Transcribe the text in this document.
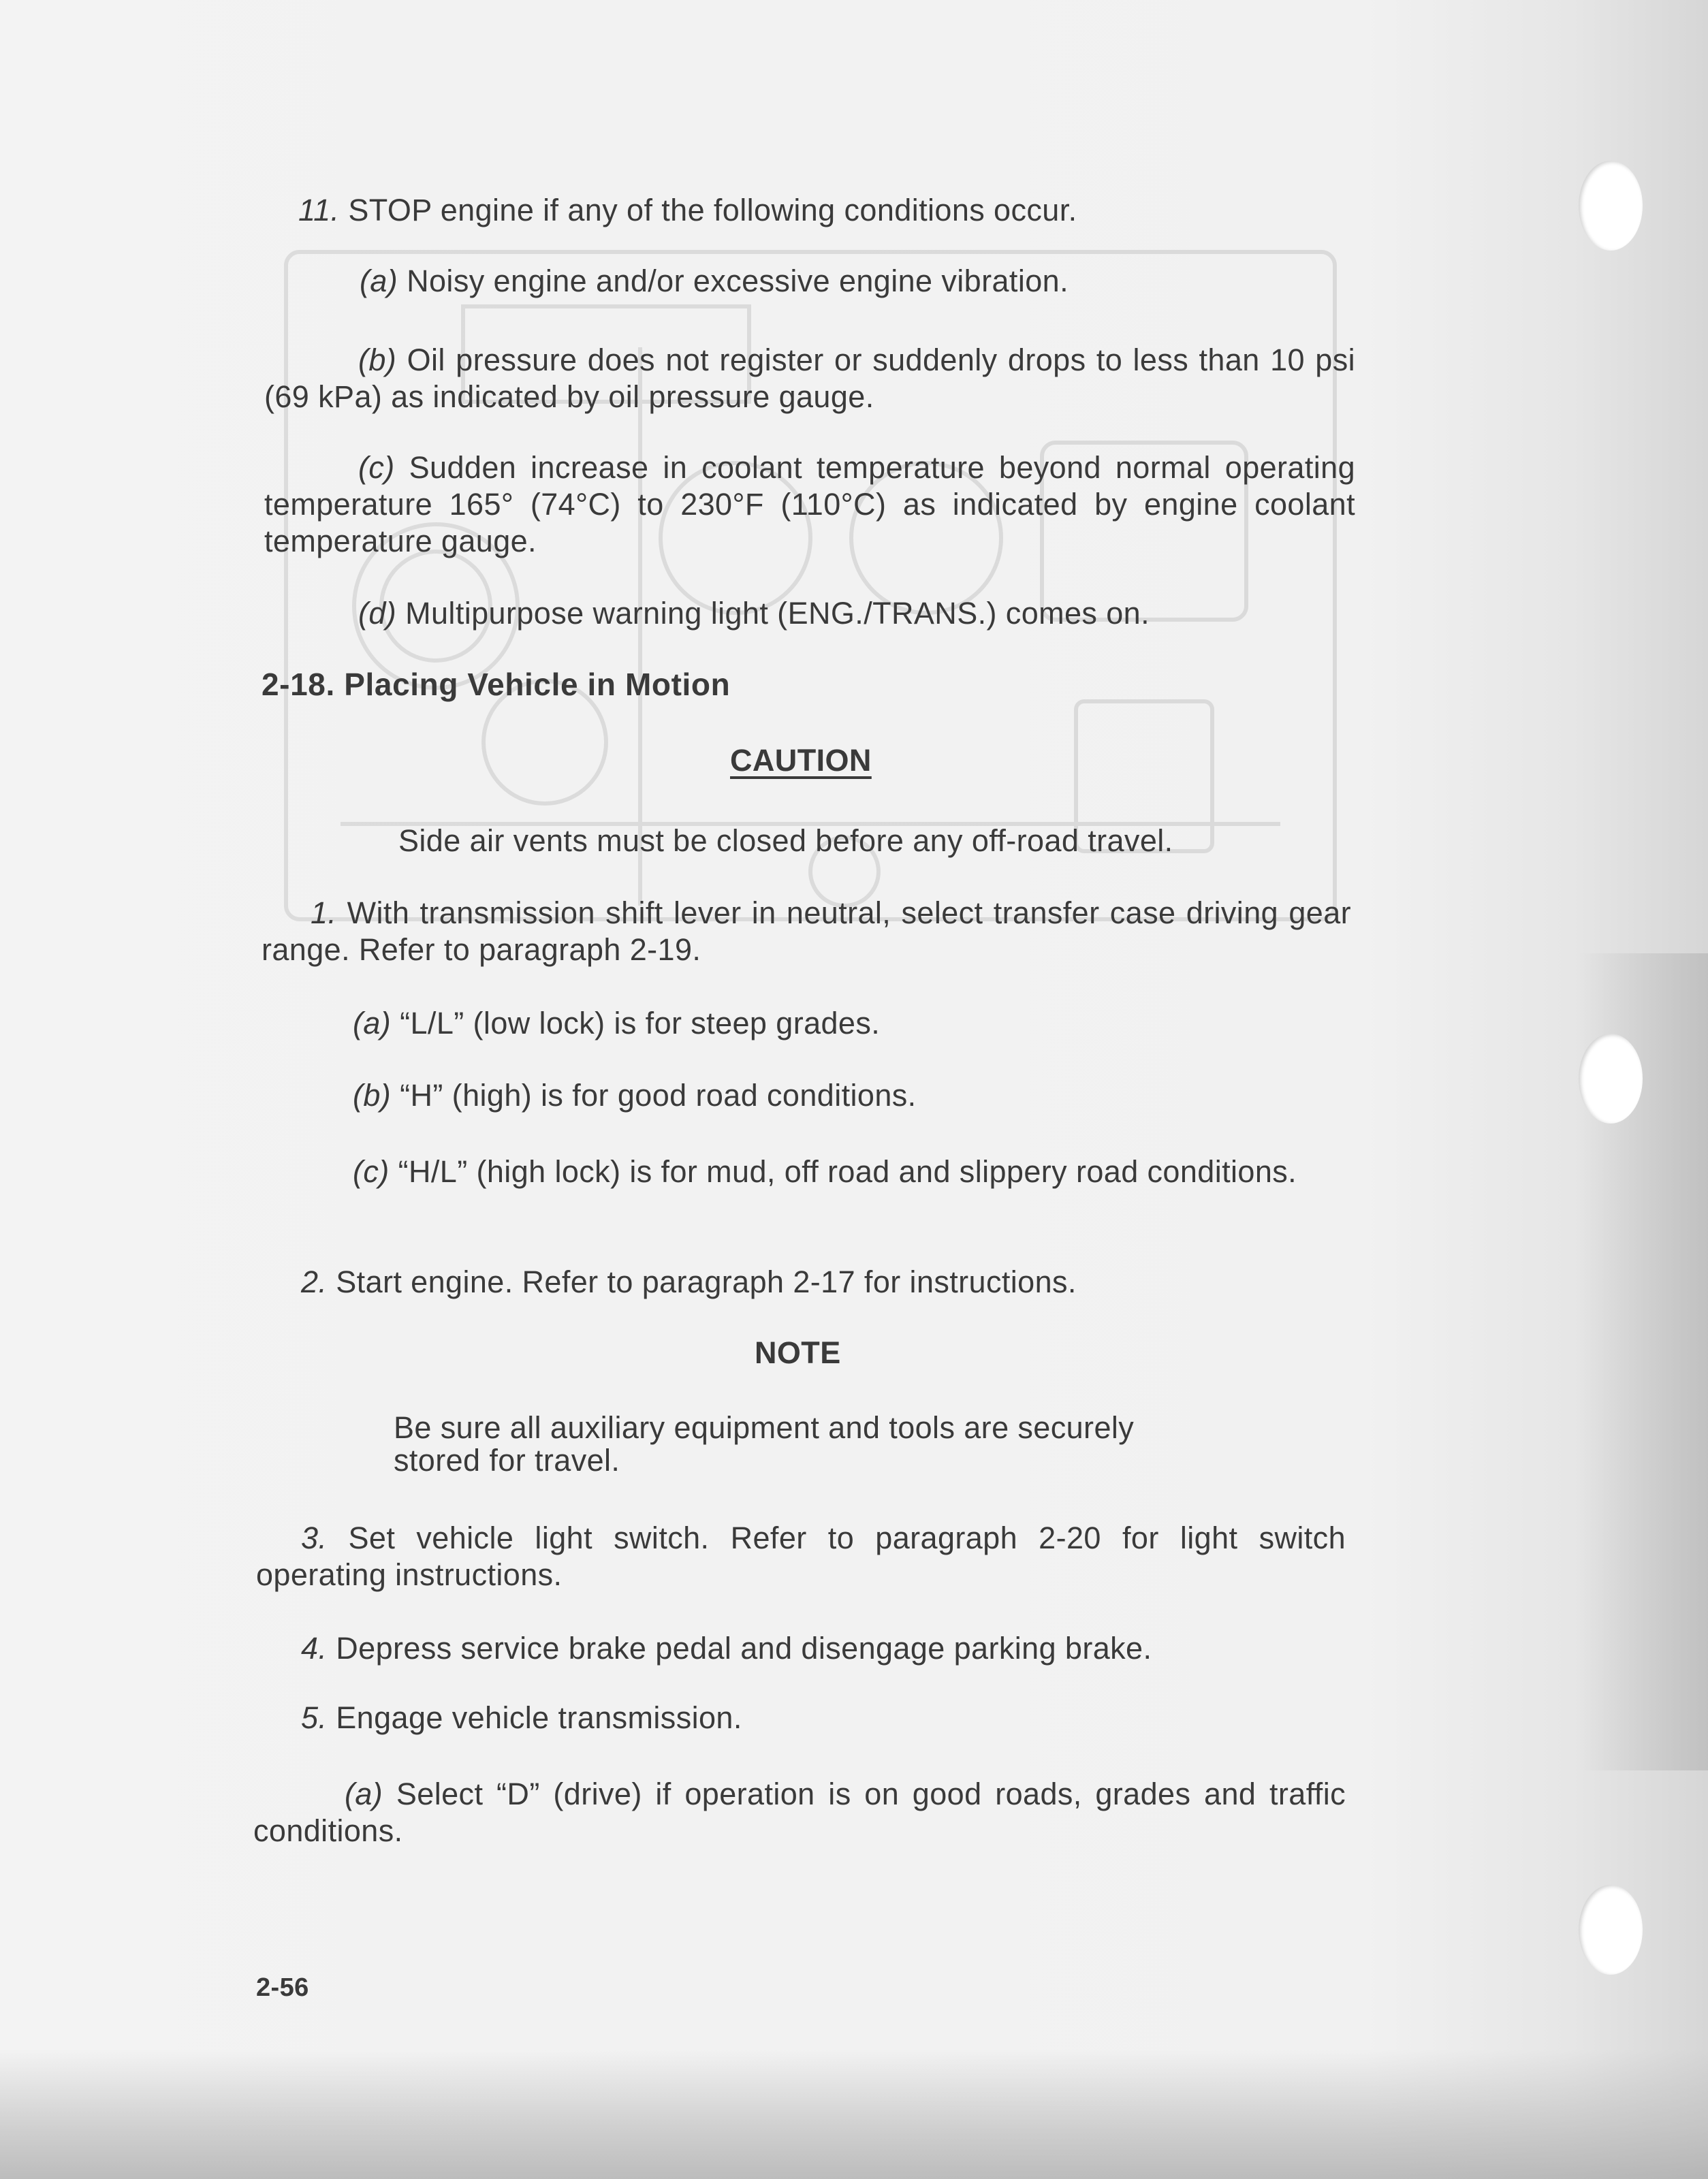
11. STOP engine if any of the following conditions occur.
(a) Noisy engine and/or excessive engine vibration.
(b) Oil pressure does not register or suddenly drops to less than 10 psi (69 kPa) as indicated by oil pressure gauge.
(c) Sudden increase in coolant temperature beyond normal operating temperature 165° (74°C) to 230°F (110°C) as indicated by engine coolant temperature gauge.
(d) Multipurpose warning light (ENG./TRANS.) comes on.
2-18. Placing Vehicle in Motion
CAUTION
Side air vents must be closed before any off-road travel.
1. With transmission shift lever in neutral, select transfer case driving gear range. Refer to paragraph 2-19.
(a) “L/L” (low lock) is for steep grades.
(b) “H” (high) is for good road conditions.
(c) “H/L” (high lock) is for mud, off road and slippery road conditions.
2. Start engine. Refer to paragraph 2-17 for instructions.
NOTE
Be sure all auxiliary equipment and tools are securely
stored for travel.
3. Set vehicle light switch. Refer to paragraph 2-20 for light switch operating instructions.
4. Depress service brake pedal and disengage parking brake.
5. Engage vehicle transmission.
(a) Select “D” (drive) if operation is on good roads, grades and traffic conditions.
2-56
